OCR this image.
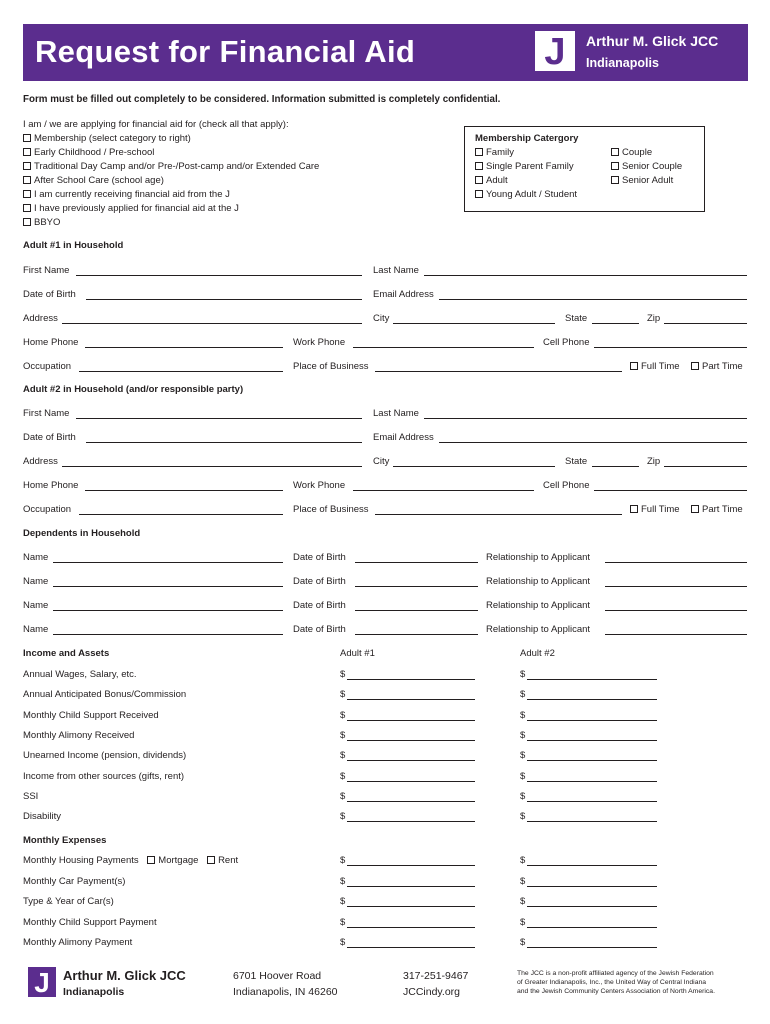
Request for Financial Aid	J	Arthur M. Glick JCC
Indianapolis
Form must be filled out completely to be considered. Information submitted is completely confidential.
I am / we are applying for financial aid for (check all that apply):
Membership (select category to right)
Early Childhood / Pre-school
Traditional Day Camp and/or Pre-/Post-camp and/or Extended Care
After School Care (school age)
I am currently receiving financial aid from the J
I have previously applied for financial aid at the J
BBYO
Membership Catergory
Family
Single Parent Family
Adult
Young Adult / Student
Couple
Senior Couple
Senior Adult
Adult #1 in Household
First Name	Last Name
Date of Birth	Email Address
Address	City	State	Zip
Home Phone	Work Phone	Cell Phone
Occupation	Place of Business	Full Time	Part Time
Adult #2 in Household (and/or responsible party)
First Name	Last Name
Date of Birth	Email Address
Address	City	State	Zip
Home Phone	Work Phone	Cell Phone
Occupation	Place of Business	Full Time	Part Time
Dependents in Household
Name	Date of Birth	Relationship to Applicant
Name	Date of Birth	Relationship to Applicant
Name	Date of Birth	Relationship to Applicant
Name	Date of Birth	Relationship to Applicant
Income and Assets	Adult #1	Adult #2
Annual Wages, Salary, etc.	$	$
Annual Anticipated Bonus/Commission	$	$
Monthly Child Support Received	$	$
Monthly Alimony Received	$	$
Unearned Income (pension, dividends)	$	$
Income from other sources (gifts, rent)	$	$
SSI	$	$
Disability	$	$
Monthly Expenses
Monthly Housing Payments Mortgage Rent	$	$
Monthly Car Payment(s)	$	$
Type & Year of Car(s)	$	$
Monthly Child Support Payment	$	$
Monthly Alimony Payment	$	$
J	Arthur M. Glick JCC
Indianapolis
6701 Hoover Road
Indianapolis, IN 46260
317-251-9467
JCCindy.org
The JCC is a non-profit affiliated agency of the Jewish Federation
of Greater Indianapolis, Inc., the United Way of Central Indiana
and the Jewish Community Centers Association of North America.
